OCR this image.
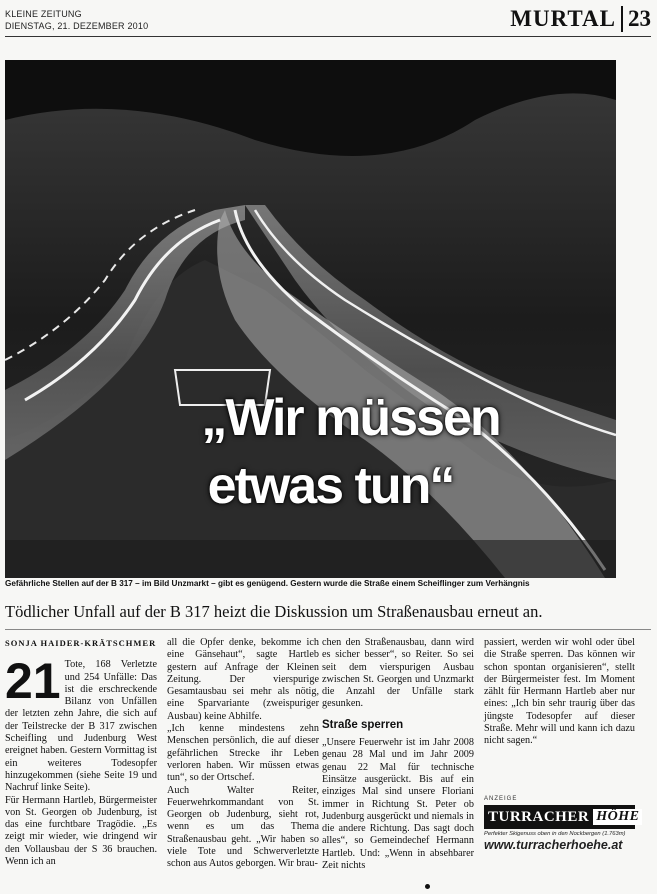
KLEINE ZEITUNG
DIENSTAG, 21. DEZEMBER 2010	MURTAL 23
„Wir müssen
etwas tun“
Gefährliche Stellen auf der B 317 – im Bild Unzmarkt – gibt es genügend. Gestern wurde die Straße einem Scheiflinger zum Verhängnis
Tödlicher Unfall auf der B 317 heizt die Diskussion um Straßenausbau erneut an.

SONJA HAIDER-KRÄTSCHMER

21 Tote, 168 Verletzte und 254 Unfälle: Das ist die erschreckende Bilanz von Unfällen der letzten zehn Jahre, die sich auf der Teilstrecke der B 317 zwischen Scheifling und Judenburg West ereignet haben. Gestern Vormittag ist ein weiteres Todesopfer hinzugekommen (siehe Seite 19 und Nachruf linke Seite).

Für Hermann Hartleb, Bürgermeister von St. Georgen ob Judenburg, ist das eine furchtbare Tragödie. „Es zeigt mir wieder, wie dringend wir den Vollausbau der S 36 brauchen. Wenn ich an

all die Opfer denke, bekomme ich eine Gänsehaut“, sagte Hartleb gestern auf Anfrage der Kleinen Zeitung. Der vierspurige Gesamtausbau sei mehr als nötig, eine Sparvariante (zweispuriger Ausbau) keine Abhilfe.

„Ich kenne mindestens zehn Menschen persönlich, die auf dieser gefährlichen Strecke ihr Leben verloren haben. Wir müssen etwas tun“, so der Ortschef.

Auch Walter Reiter, Feuerwehrkommandant von St. Georgen ob Judenburg, sieht rot, wenn es um das Thema Straßenausbau geht. „Wir haben so viele Tote und Schwerverletzte schon aus Autos geborgen. Wir brau-

chen den Straßenausbau, dann wird es sicher besser“, so Reiter. So sei seit dem vierspurigen Ausbau zwischen St. Georgen und Unzmarkt die Anzahl der Unfälle stark gesunken.

Straße sperren

„Unsere Feuerwehr ist im Jahr 2008 genau 28 Mal und im Jahr 2009 genau 22 Mal für technische Einsätze ausgerückt. Bis auf ein einziges Mal sind unsere Floriani immer in Richtung St. Peter ob Judenburg ausgerückt und niemals in die andere Richtung. Das sagt doch alles“, so Gemeindechef Hermann Hartleb. Und: „Wenn in absehbarer Zeit nichts

passiert, werden wir wohl oder übel die Straße sperren. Das können wir schon spontan organisieren“, stellt der Bürgermeister fest. Im Moment zählt für Hermann Hartleb aber nur eines: „Ich bin sehr traurig über das jüngste Todesopfer auf dieser Straße. Mehr will und kann ich dazu nicht sagen.“

ANZEIGE
TURRACHER HÖHE
Perfekter Skigenuss oben in den Nockbergen (1.763m)
www.turracherhoehe.at
